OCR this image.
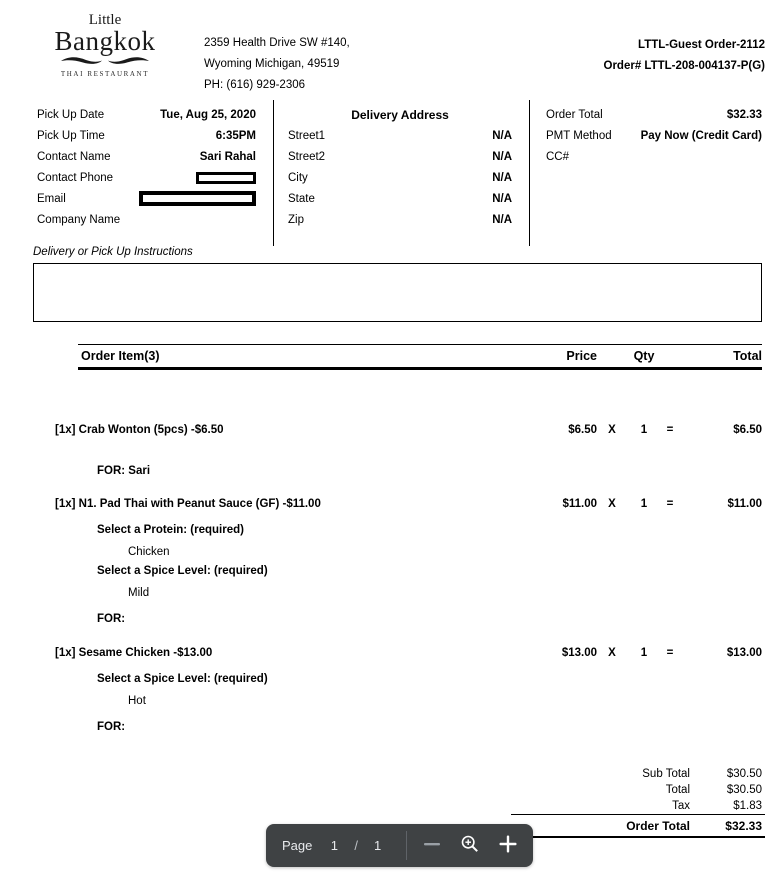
Little
Bangkok
THAI RESTAURANT
2359 Health Drive SW #140,
Wyoming Michigan, 49519
PH: (616) 929-2306
LTTL-Guest Order-2112
Order# LTTL-208-004137-P(G)
Pick Up Date	Tue, Aug 25, 2020
Pick Up Time	6:35PM
Contact Name	Sari Rahal
Contact Phone
Email
Company Name
Delivery Address
Street1	N/A
Street2	N/A
City	N/A
State	N/A
Zip	N/A
Order Total	$32.33
PMT Method	Pay Now (Credit Card)
CC#
Delivery or Pick Up Instructions
Order Item(3)	Price	Qty	Total
[1x] Crab Wonton (5pcs) -$6.50	$6.50 X	1	=	$6.50
FOR: Sari
[1x] N1. Pad Thai with Peanut Sauce (GF) -$11.00	$11.00 X	1	=	$11.00
Select a Protein: (required)
Chicken
Select a Spice Level: (required)
Mild
FOR:
[1x] Sesame Chicken -$13.00	$13.00 X	1	=	$13.00
Select a Spice Level: (required)
Hot
FOR:
Sub Total	$30.50
Total	$30.50
Tax	$1.83
Order Total	$32.33
Page 1 / 1
